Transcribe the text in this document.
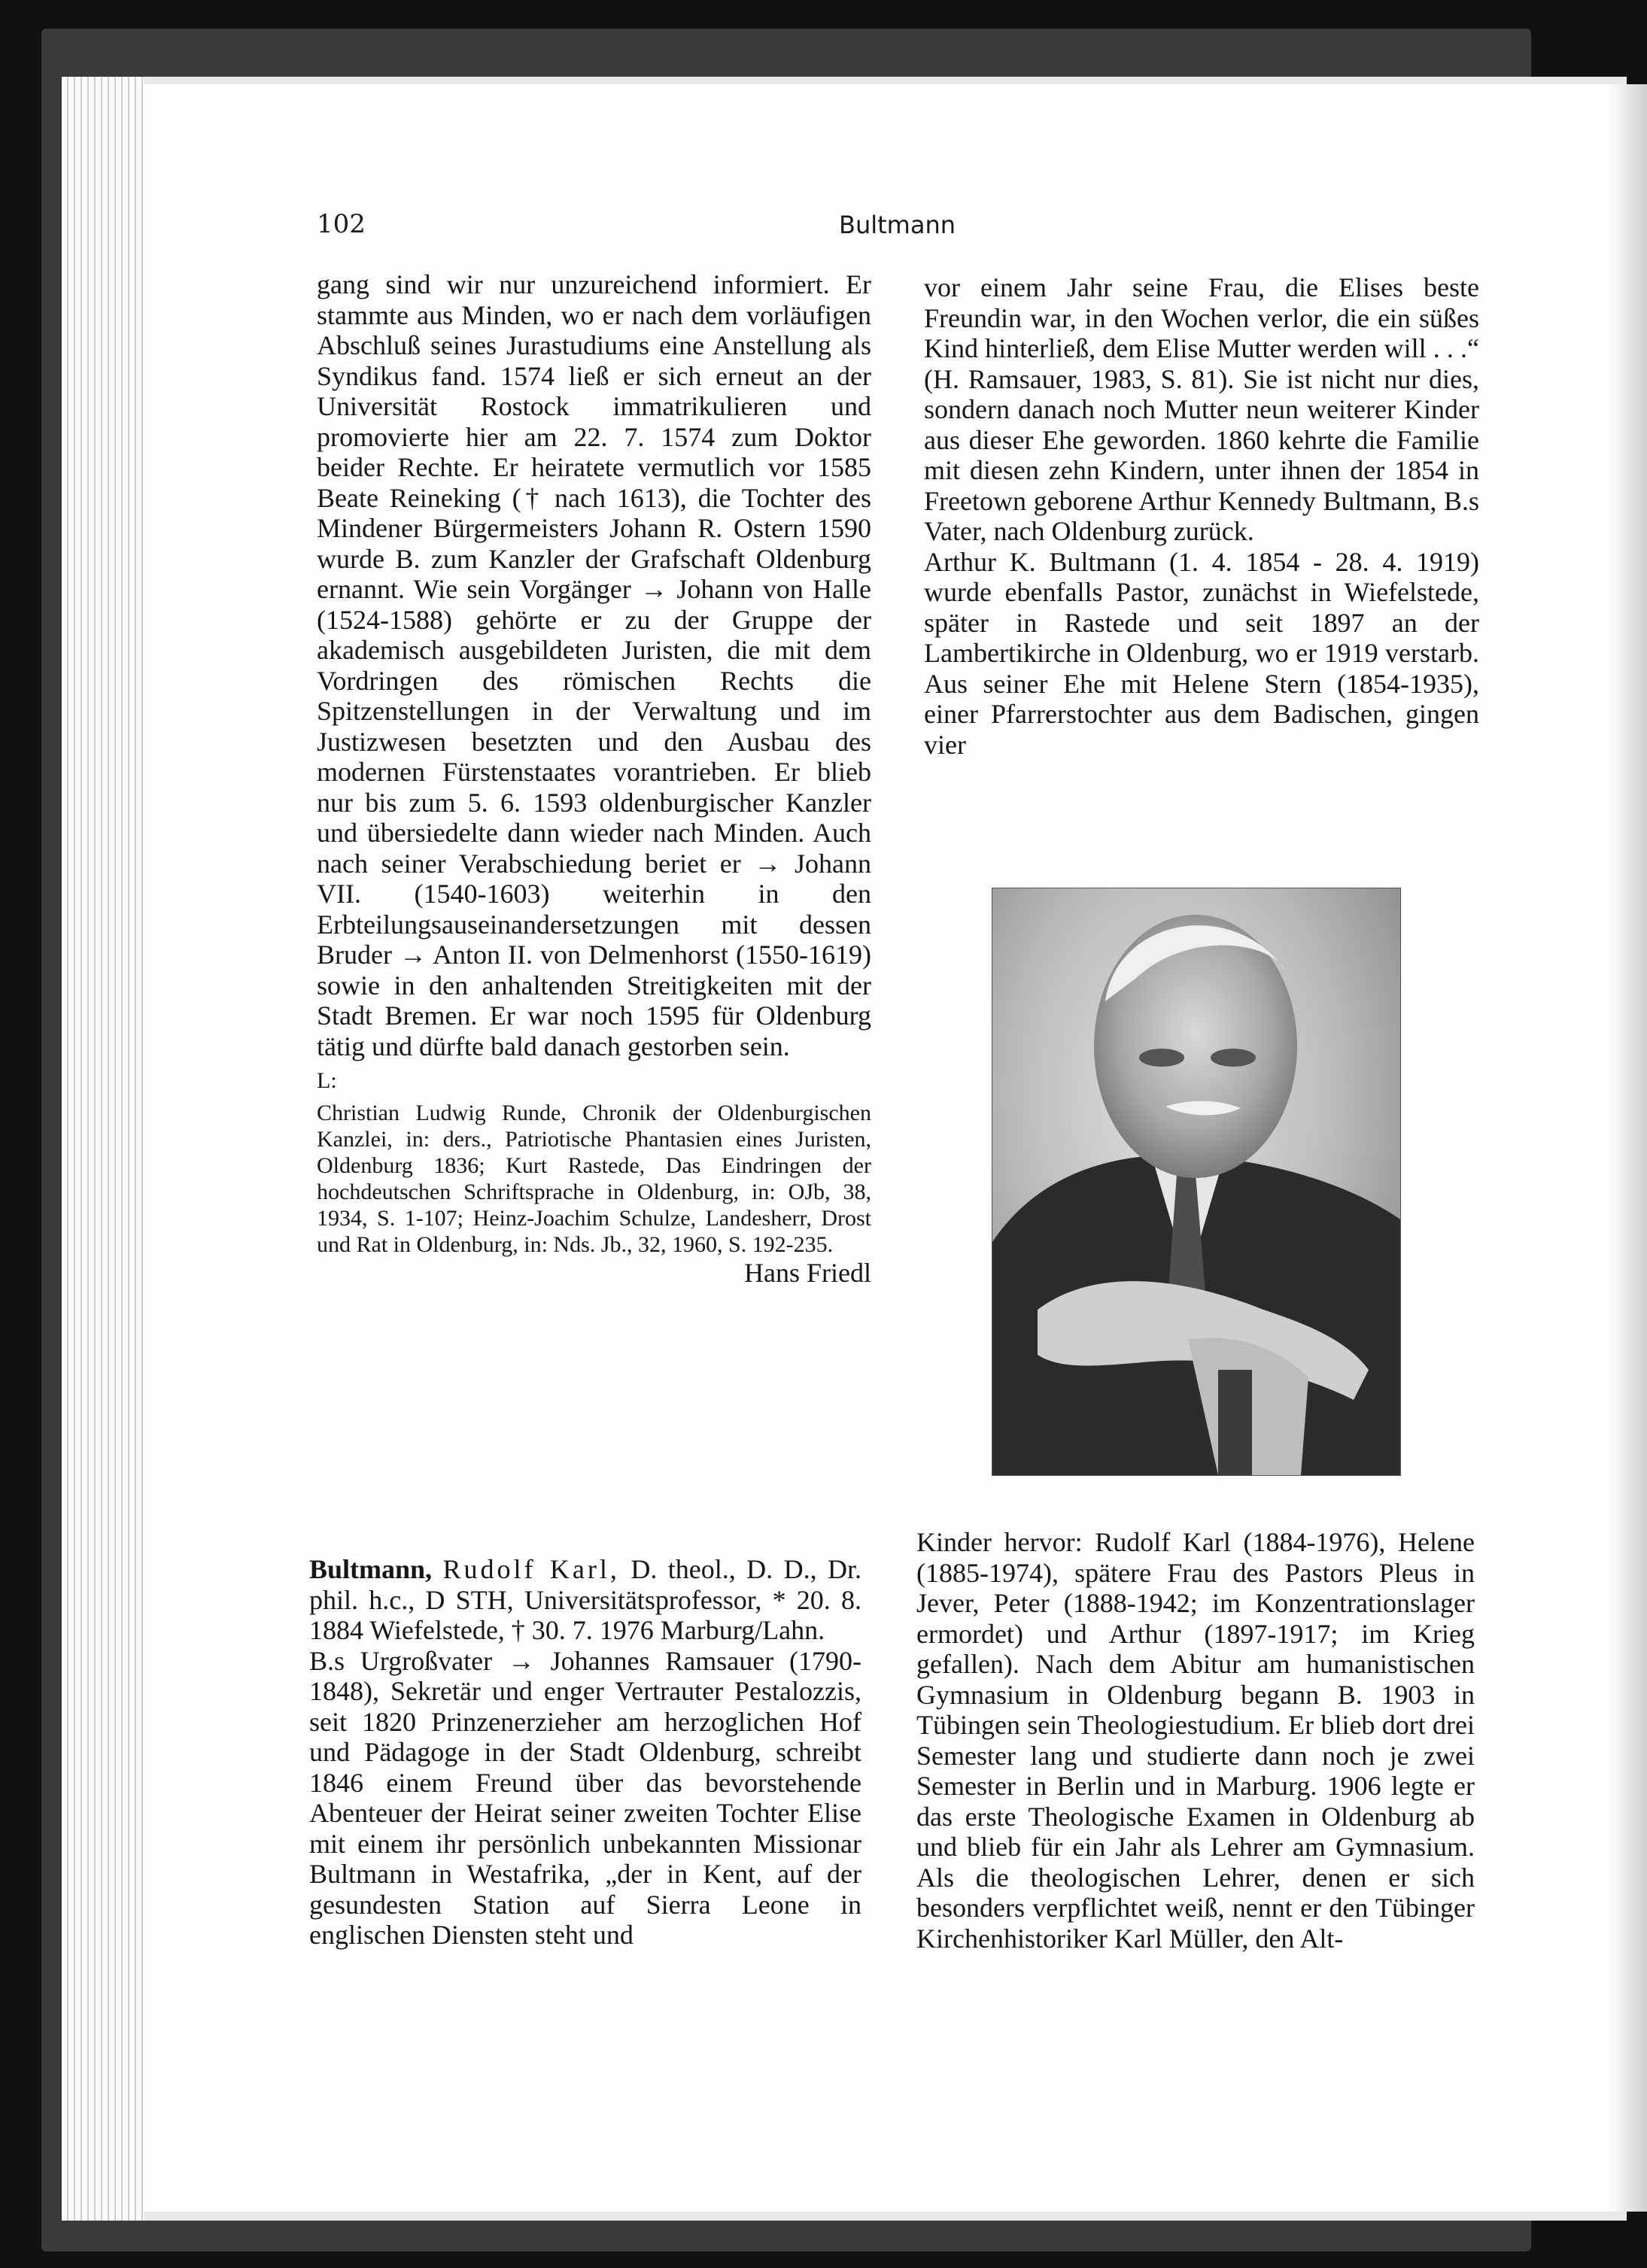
102	Bultmann

gang sind wir nur unzureichend informiert. Er stammte aus Minden, wo er nach dem vorläufigen Abschluß seines Jurastudiums eine Anstellung als Syndikus fand. 1574 ließ er sich erneut an der Universität Rostock immatrikulieren und promovierte hier am 22. 7. 1574 zum Doktor beider Rechte. Er heiratete vermutlich vor 1585 Beate Reineking († nach 1613), die Tochter des Mindener Bürgermeisters Johann R. Ostern 1590 wurde B. zum Kanzler der Grafschaft Oldenburg ernannt. Wie sein Vorgänger → Johann von Halle (1524-1588) gehörte er zu der Gruppe der akademisch ausgebildeten Juristen, die mit dem Vordringen des römischen Rechts die Spitzenstellungen in der Verwaltung und im Justizwesen besetzten und den Ausbau des modernen Fürstenstaates vorantrieben. Er blieb nur bis zum 5. 6. 1593 oldenburgischer Kanzler und übersiedelte dann wieder nach Minden. Auch nach seiner Verabschiedung beriet er → Johann VII. (1540-1603) weiterhin in den Erbteilungsauseinandersetzungen mit dessen Bruder → Anton II. von Delmenhorst (1550-1619) sowie in den anhaltenden Streitigkeiten mit der Stadt Bremen. Er war noch 1595 für Oldenburg tätig und dürfte bald danach gestorben sein.

L:

Christian Ludwig Runde, Chronik der Oldenburgischen Kanzlei, in: ders., Patriotische Phantasien eines Juristen, Oldenburg 1836; Kurt Rastede, Das Eindringen der hochdeutschen Schriftsprache in Oldenburg, in: OJb, 38, 1934, S. 1-107; Heinz-Joachim Schulze, Landesherr, Drost und Rat in Oldenburg, in: Nds. Jb., 32, 1960, S. 192-235.

Hans Friedl

Bultmann, Rudolf Karl, D. theol., D. D., Dr. phil. h.c., D STH, Universitätsprofessor, * 20. 8. 1884 Wiefelstede, † 30. 7. 1976 Marburg/Lahn.

B.s Urgroßvater → Johannes Ramsauer (1790-1848), Sekretär und enger Vertrauter Pestalozzis, seit 1820 Prinzenerzieher am herzoglichen Hof und Pädagoge in der Stadt Oldenburg, schreibt 1846 einem Freund über das bevorstehende Abenteuer der Heirat seiner zweiten Tochter Elise mit einem ihr persönlich unbekannten Missionar Bultmann in Westafrika, „der in Kent, auf der gesundesten Station auf Sierra Leone in englischen Diensten steht und

vor einem Jahr seine Frau, die Elises beste Freundin war, in den Wochen verlor, die ein süßes Kind hinterließ, dem Elise Mutter werden will . . .“ (H. Ramsauer, 1983, S. 81). Sie ist nicht nur dies, sondern danach noch Mutter neun weiterer Kinder aus dieser Ehe geworden. 1860 kehrte die Familie mit diesen zehn Kindern, unter ihnen der 1854 in Freetown geborene Arthur Kennedy Bultmann, B.s Vater, nach Oldenburg zurück.

Arthur K. Bultmann (1. 4. 1854 - 28. 4. 1919) wurde ebenfalls Pastor, zunächst in Wiefelstede, später in Rastede und seit 1897 an der Lambertikirche in Oldenburg, wo er 1919 verstarb. Aus seiner Ehe mit Helene Stern (1854-1935), einer Pfarrerstochter aus dem Badischen, gingen vier

Kinder hervor: Rudolf Karl (1884-1976), Helene (1885-1974), spätere Frau des Pastors Pleus in Jever, Peter (1888-1942; im Konzentrationslager ermordet) und Arthur (1897-1917; im Krieg gefallen). Nach dem Abitur am humanistischen Gymnasium in Oldenburg begann B. 1903 in Tübingen sein Theologiestudium. Er blieb dort drei Semester lang und studierte dann noch je zwei Semester in Berlin und in Marburg. 1906 legte er das erste Theologische Examen in Oldenburg ab und blieb für ein Jahr als Lehrer am Gymnasium. Als die theologischen Lehrer, denen er sich besonders verpflichtet weiß, nennt er den Tübinger Kirchenhistoriker Karl Müller, den Alt-
